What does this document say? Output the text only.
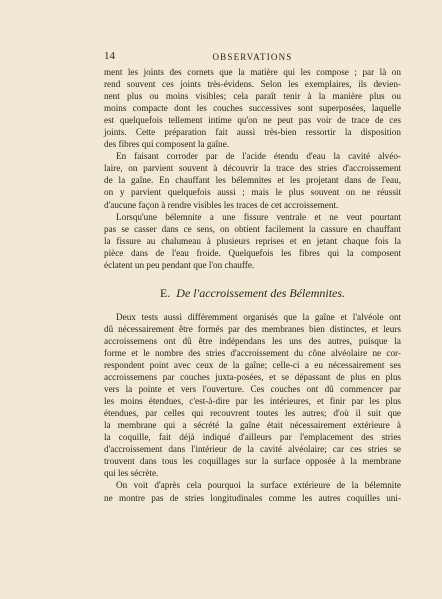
14	OBSERVATIONS
ment les joints des cornets que la matière qui les compose ; par là on
rend souvent ces joints très-évidens. Selon les exemplaires, ils devien-
nent plus ou moins visibles; cela paraît tenir à la manière plus ou
moins compacte dont les couches successives sont superposées, laquelle
est quelquefois tellement intime qu'on ne peut pas voir de trace de ces
joints. Cette préparation fait aussi très-bien ressortir la disposition
des fibres qui composent la gaîne.
En faisant corroder par de l'acide étendu d'eau la cavité alvéo-
laire, on parvient souvent à découvrir la trace des stries d'accroissement
de la gaîne. En chauffant les bélemnites et les projetant dans de l'eau,
on y parvient quelquefois aussi ; mais le plus souvent on ne réussit
d'aucune façon à rendre visibles les traces de cet accroissement.
Lorsqu'une bélemnite a une fissure ventrale et ne veut pourtant
pas se casser dans ce sens, on obtient facilement la cassure en chauffant
la fissure au chalumeau à plusieurs reprises et en jetant chaque fois la
pièce dans de l'eau froide. Quelquefois les fibres qui la composent
éclatent un peu pendant que l'on chauffe.
E. De l'accroissement des Bélemnites.
Deux tests aussi différemment organisés que la gaîne et l'alvéole ont
dû nécessairement être formés par des membranes bien distinctes, et leurs
accroissemens ont dû être indépendans les uns des autres, puisque la
forme et le nombre des stries d'accroissement du cône alvéolaire ne cor-
respondent point avec ceux de la gaîne; celle-ci a eu nécessairement ses
accroissemens par couches juxta-posées, et se dépassant de plus en plus
vers la pointe et vers l'ouverture. Ces couches ont dû commencer par
les moins étendues, c'est-à-dire par les intérieures, et finir par les plus
étendues, par celles qui recouvrent toutes les autres; d'où il suit que
la membrane qui a sécrété la gaîne était nécessairement extérieure à
la coquille, fait déjà indiqué d'ailleurs par l'emplacement des stries
d'accroissement dans l'intérieur de la cavité alvéolaire; car ces stries se
trouvent dans tous les coquillages sur la surface opposée à la membrane
qui les sécrète.
On voit d'après cela pourquoi la surface extérieure de la bélemnite
ne montre pas de stries longitudinales comme les autres coquilles uni-
